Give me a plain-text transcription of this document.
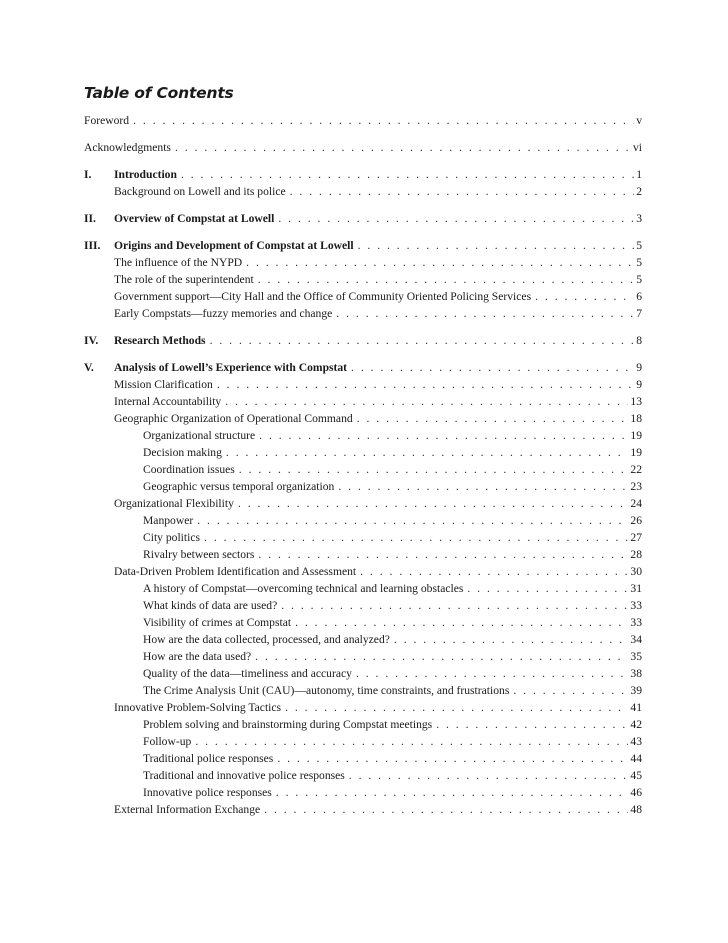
Table of Contents
Foreword . . .	v
Acknowledgments . . .	vi
I.	Introduction . . .	1
Background on Lowell and its police . . .	2
II.	Overview of Compstat at Lowell . . .	3
III.	Origins and Development of Compstat at Lowell . . .	5
The influence of the NYPD . . .	5
The role of the superintendent . . .	5
Government support—City Hall and the Office of Community Oriented Policing Services . . .	6
Early Compstats—fuzzy memories and change . . .	7
IV.	Research Methods . . .	8
V.	Analysis of Lowell’s Experience with Compstat . . .	9
Mission Clarification . . .	9
Internal Accountability . . .	13
Geographic Organization of Operational Command . . .	18
Organizational structure . . .	19
Decision making . . .	19
Coordination issues . . .	22
Geographic versus temporal organization . . .	23
Organizational Flexibility . . .	24
Manpower . . .	26
City politics . . .	27
Rivalry between sectors . . .	28
Data-Driven Problem Identification and Assessment . . .	30
A history of Compstat—overcoming technical and learning obstacles . . .	31
What kinds of data are used? . . .	33
Visibility of crimes at Compstat . . .	33
How are the data collected, processed, and analyzed? . . .	34
How are the data used? . . .	35
Quality of the data—timeliness and accuracy . . .	38
The Crime Analysis Unit (CAU)—autonomy, time constraints, and frustrations . . .	39
Innovative Problem-Solving Tactics . . .	41
Problem solving and brainstorming during Compstat meetings . . .	42
Follow-up . . .	43
Traditional police responses . . .	44
Traditional and innovative police responses . . .	45
Innovative police responses . . .	46
External Information Exchange . . .	48
